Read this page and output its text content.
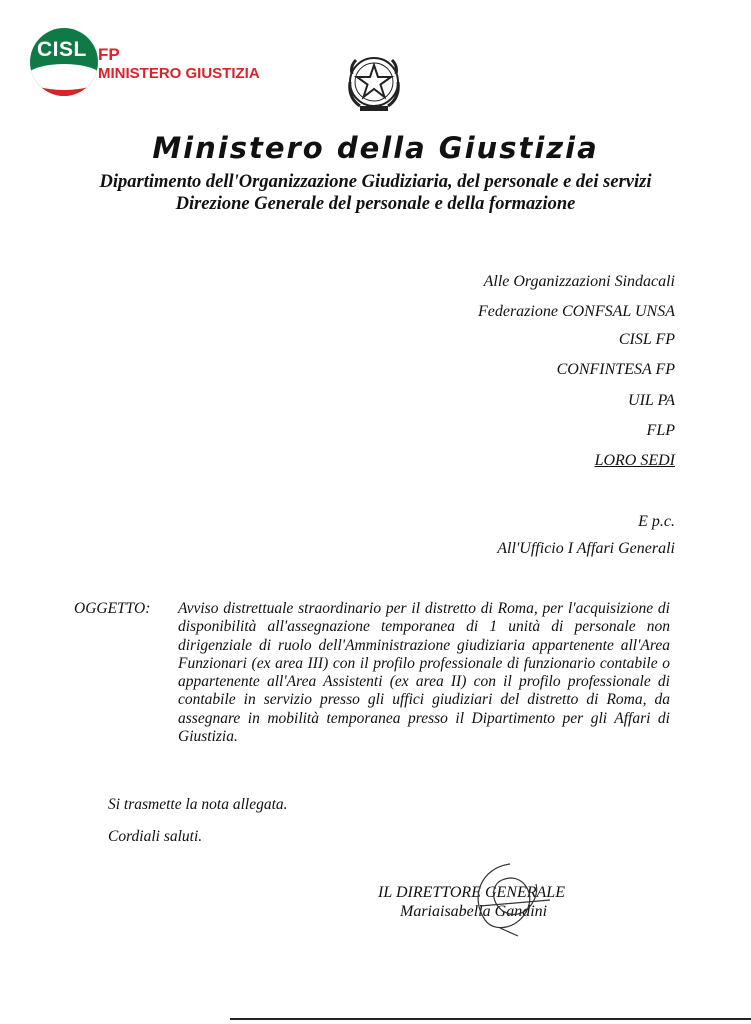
CISL FP
MINISTERO GIUSTIZIA
Ministero della Giustizia
Dipartimento dell'Organizzazione Giudiziaria, del personale e dei servizi
Direzione Generale del personale e della formazione
Alle Organizzazioni Sindacali
Federazione CONFSAL UNSA
CISL FP
CONFINTESA FP
UIL PA
FLP
LORO SEDI
E p.c.
All'Ufficio I Affari Generali
OGGETTO: Avviso distrettuale straordinario per il distretto di Roma, per l'acquisizione di disponibilità all'assegnazione temporanea di 1 unità di personale non dirigenziale di ruolo dell'Amministrazione giudiziaria appartenente all'Area Funzionari (ex area III) con il profilo professionale di funzionario contabile o appartenente all'Area Assistenti (ex area II) con il profilo professionale di contabile in servizio presso gli uffici giudiziari del distretto di Roma, da assegnare in mobilità temporanea presso il Dipartimento per gli Affari di Giustizia.
Si trasmette la nota allegata.
Cordiali saluti.
IL DIRETTORE GENERALE
Mariaisabella Gandini
